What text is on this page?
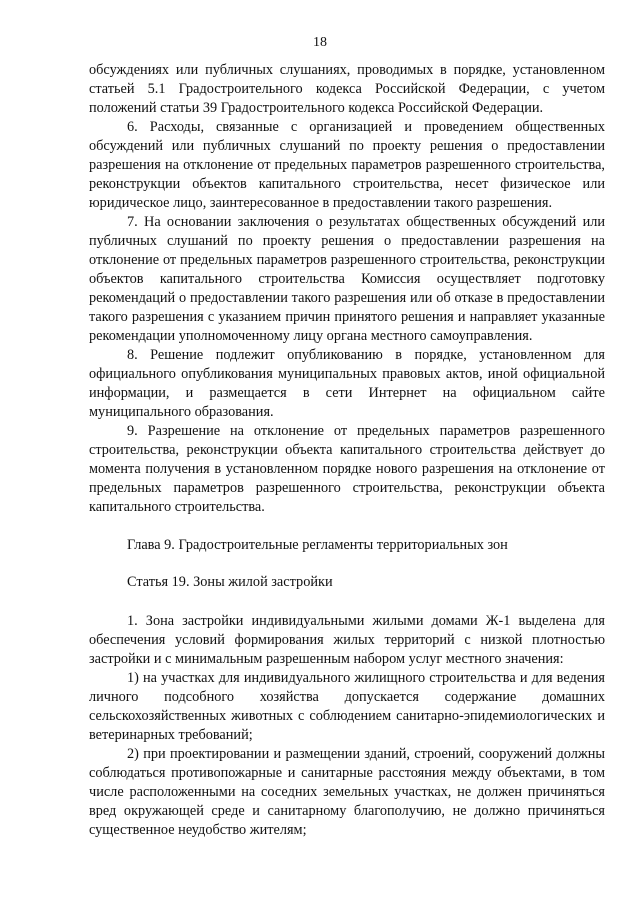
18

обсуждениях или публичных слушаниях, проводимых в порядке, установленном статьей 5.1 Градостроительного кодекса Российской Федерации, с учетом положений статьи 39 Градостроительного кодекса Российской Федерации.

6. Расходы, связанные с организацией и проведением общественных обсуждений или публичных слушаний по проекту решения о предоставлении разрешения на отклонение от предельных параметров разрешенного строительства, реконструкции объектов капитального строительства, несет физическое или юридическое лицо, заинтересованное в предоставлении такого разрешения.

7. На основании заключения о результатах общественных обсуждений или публичных слушаний по проекту решения о предоставлении разрешения на отклонение от предельных параметров разрешенного строительства, реконструкции объектов капитального строительства Комиссия осуществляет подготовку рекомендаций о предоставлении такого разрешения или об отказе в предоставлении такого разрешения с указанием причин принятого решения и направляет указанные рекомендации уполномоченному лицу органа местного самоуправления.

8. Решение подлежит опубликованию в порядке, установленном для официального опубликования муниципальных правовых актов, иной официальной информации, и размещается в сети Интернет на официальном сайте муниципального образования.

9. Разрешение на отклонение от предельных параметров разрешенного строительства, реконструкции объекта капитального строительства действует до момента получения в установленном порядке нового разрешения на отклонение от предельных параметров разрешенного строительства, реконструкции объекта капитального строительства.

Глава 9. Градостроительные регламенты территориальных зон

Статья 19. Зоны жилой застройки

1. Зона застройки индивидуальными жилыми домами Ж-1 выделена для обеспечения условий формирования жилых территорий с низкой плотностью застройки и с минимальным разрешенным набором услуг местного значения:

1) на участках для индивидуального жилищного строительства и для ведения личного подсобного хозяйства допускается содержание домашних сельскохозяйственных животных с соблюдением санитарно-эпидемиологических и ветеринарных требований;

2) при проектировании и размещении зданий, строений, сооружений должны соблюдаться противопожарные и санитарные расстояния между объектами, в том числе расположенными на соседних земельных участках, не должен причиняться вред окружающей среде и санитарному благополучию, не должно причиняться существенное неудобство жителям;
